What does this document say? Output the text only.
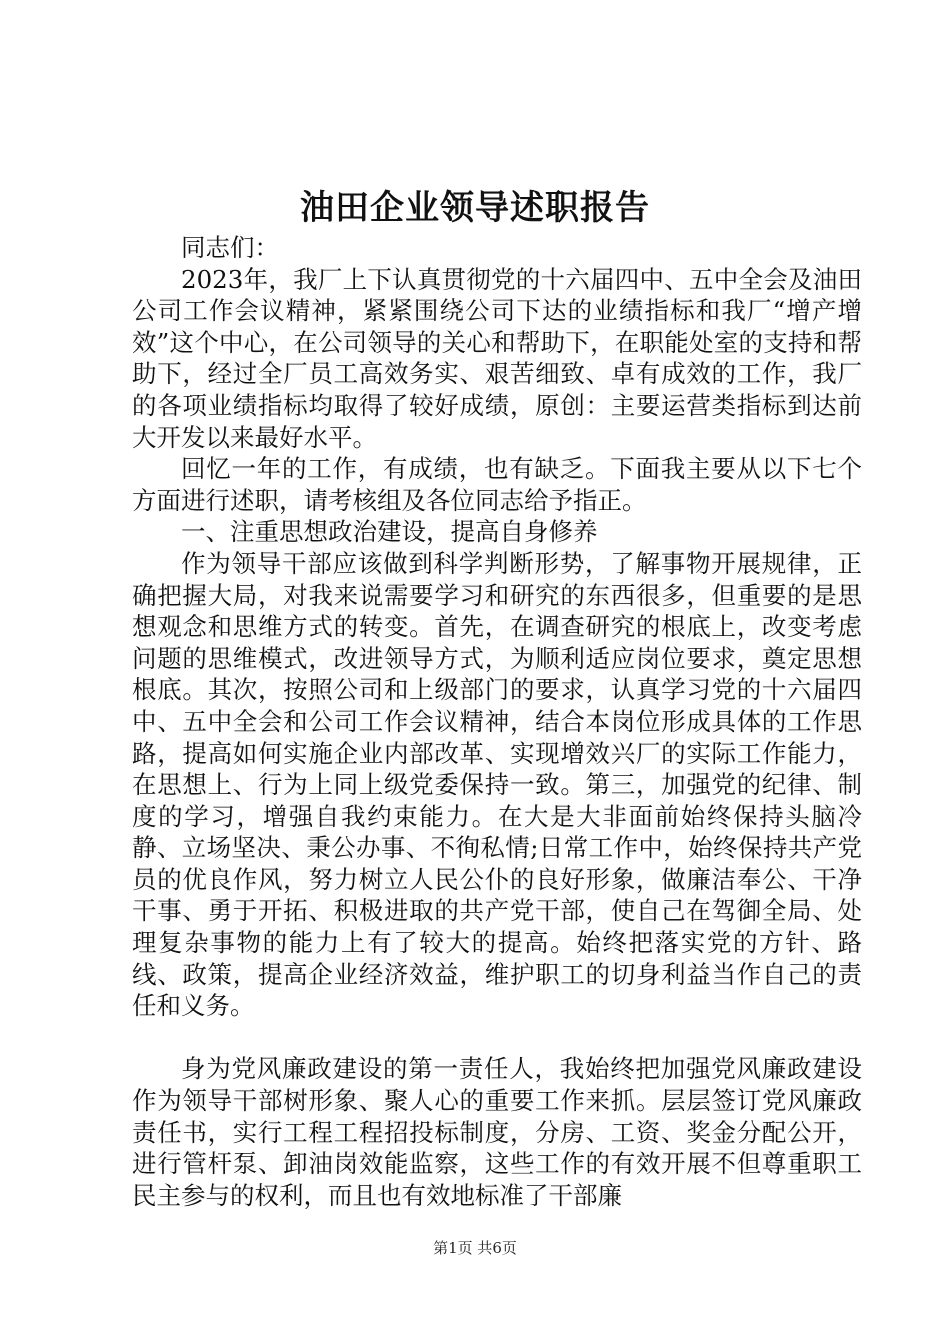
油田企业领导述职报告

同志们：

2023年，我厂上下认真贯彻党的十六届四中、五中全会及油田公司工作会议精神，紧紧围绕公司下达的业绩指标和我厂“增产增效”这个中心，在公司领导的关心和帮助下，在职能处室的支持和帮助下，经过全厂员工高效务实、艰苦细致、卓有成效的工作，我厂的各项业绩指标均取得了较好成绩，原创：主要运营类指标到达前大开发以来最好水平。

回忆一年的工作，有成绩，也有缺乏。下面我主要从以下七个方面进行述职，请考核组及各位同志给予指正。

一、注重思想政治建设，提高自身修养

作为领导干部应该做到科学判断形势，了解事物开展规律，正确把握大局，对我来说需要学习和研究的东西很多，但重要的是思想观念和思维方式的转变。首先，在调查研究的根底上，改变考虑问题的思维模式，改进领导方式，为顺利适应岗位要求，奠定思想根底。其次，按照公司和上级部门的要求，认真学习党的十六届四中、五中全会和公司工作会议精神，结合本岗位形成具体的工作思路，提高如何实施企业内部改革、实现增效兴厂的实际工作能力，在思想上、行为上同上级党委保持一致。第三，加强党的纪律、制度的学习，增强自我约束能力。在大是大非面前始终保持头脑冷静、立场坚决、秉公办事、不徇私情;日常工作中，始终保持共产党员的优良作风，努力树立人民公仆的良好形象，做廉洁奉公、干净干事、勇于开拓、积极进取的共产党干部，使自己在驾御全局、处理复杂事物的能力上有了较大的提高。始终把落实党的方针、路线、政策，提高企业经济效益，维护职工的切身利益当作自己的责任和义务。

身为党风廉政建设的第一责任人，我始终把加强党风廉政建设作为领导干部树形象、聚人心的重要工作来抓。层层签订党风廉政责任书，实行工程工程招投标制度，分房、工资、奖金分配公开，进行管杆泵、卸油岗效能监察，这些工作的有效开展不但尊重职工民主参与的权利，而且也有效地标准了干部廉

第1页 共6页
